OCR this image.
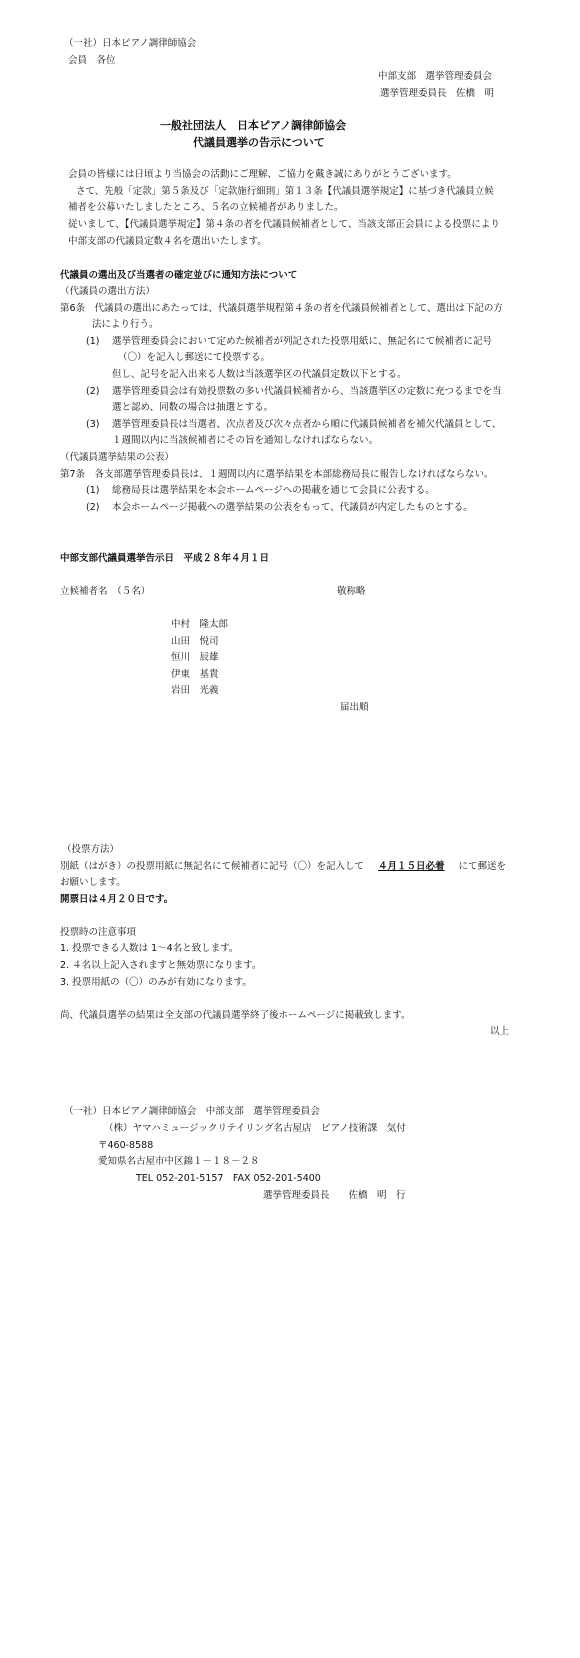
（一社）日本ピアノ調律師協会
会員　各位
中部支部　選挙管理委員会
選挙管理委員長　佐橋　明
一般社団法人　日本ピアノ調律師協会
代議員選挙の告示について
会員の皆様には日頃より当協会の活動にご理解、ご協力を戴き誠にありがとうございます。
さて、先般「定款」第５条及び「定款施行細則」第１３条【代議員選挙規定】に基づき代議員立候
補者を公募いたしましたところ、５名の立候補者がありました。
従いまして、【代議員選挙規定】第４条の者を代議員候補者として、当該支部正会員による投票により
中部支部の代議員定数４名を選出いたします。
代議員の選出及び当選者の確定並びに通知方法について
（代議員の選出方法）
第6条　代議員の選出にあたっては、代議員選挙規程第４条の者を代議員候補者として、選出は下記の方
法により行う。
(1) 選挙管理委員会において定めた候補者が列記された投票用紙に、無記名にて候補者に記号
（〇）を記入し郵送にて投票する。
但し、記号を記入出来る人数は当該選挙区の代議員定数以下とする。
(2) 選挙管理委員会は有効投票数の多い代議員候補者から、当該選挙区の定数に充つるまでを当
選と認め、同数の場合は抽選とする。
(3) 選挙管理委員長は当選者、次点者及び次々点者から順に代議員候補者を補欠代議員として、
１週間以内に当該候補者にその旨を通知しなければならない。
（代議員選挙結果の公表）
第7条　各支部選挙管理委員長は、１週間以内に選挙結果を本部総務局長に報告しなければならない。
(1) 総務局長は選挙結果を本会ホームページへの掲載を通じて会員に公表する。
(2) 本会ホームページ掲載への選挙結果の公表をもって、代議員が内定したものとする。
中部支部代議員選挙告示日　平成２８年４月１日
立候補者名　（５名）	敬称略
中村　隆太郎
山田　悦司
恒川　辰雄
伊東　基貴
岩田　光義
届出順
（投票方法）
別紙（はがき）の投票用紙に無記名にて候補者に記号（〇）を記入して ４月１５日必着 にて郵送を
お願いします。
開票日は４月２０日です。
投票時の注意事項
1. 投票できる人数は 1～4名と致します。
2. ４名以上記入されますと無効票になります。
3. 投票用紙の（〇）のみが有効になります。
尚、代議員選挙の結果は全支部の代議員選挙終了後ホームページに掲載致します。
以上
（一社）日本ピアノ調律師協会　中部支部　選挙管理委員会
（株）ヤマハミュージックリテイリング名古屋店　ピアノ技術課　気付
〒460-8588
愛知県名古屋市中区錦１－１８－２８
TEL 052-201-5157　FAX 052-201-5400
選挙管理委員長　　佐橋　明　行
